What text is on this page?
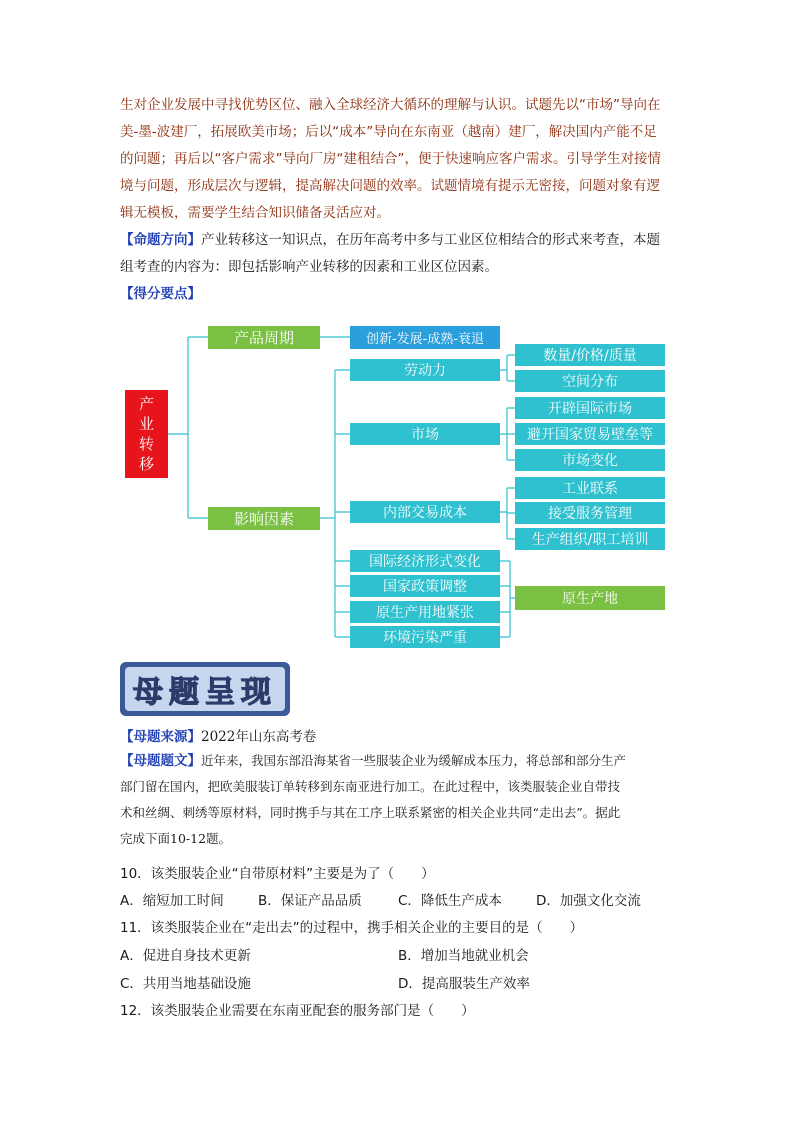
生对企业发展中寻找优势区位、融入全球经济大循环的理解与认识。试题先以“市场”导向在
美-墨-波建厂，拓展欧美市场；后以“成本”导向在东南亚（越南）建厂，解决国内产能不足
的问题；再后以“客户需求”导向厂房“建租结合”，便于快速响应客户需求。引导学生对接情
境与问题，形成层次与逻辑，提高解决问题的效率。试题情境有提示无密接，问题对象有逻
辑无模板，需要学生结合知识储备灵活应对。
【命题方向】产业转移这一知识点，在历年高考中多与工业区位相结合的形式来考查，本题
组考查的内容为：即包括影响产业转移的因素和工业区位因素。
【得分要点】
产业转移
产品周期	创新-发展-成熟-衰退
影响因素
劳动力
数量/价格/质量
空间分布
市场
开辟国际市场
避开国家贸易壁垒等
市场变化
内部交易成本
工业联系
接受服务管理
生产组织/职工培训
国际经济形式变化
国家政策调整
原生产用地紧张
环境污染严重
原生产地
母题呈现
【母题来源】2022年山东高考卷
【母题题文】近年来，我国东部沿海某省一些服装企业为缓解成本压力，将总部和部分生产
部门留在国内，把欧美服装订单转移到东南亚进行加工。在此过程中，该类服装企业自带技
术和丝绸、刺绣等原材料，同时携手与其在工序上联系紧密的相关企业共同“走出去”。据此
完成下面10-12题。
10．该类服装企业“自带原材料”主要是为了（　　）
A．缩短加工时间	B．保证产品品质	C．降低生产成本	D．加强文化交流
11．该类服装企业在“走出去”的过程中，携手相关企业的主要目的是（　　）
A．促进自身技术更新	B．增加当地就业机会
C．共用当地基础设施	D．提高服装生产效率
12．该类服装企业需要在东南亚配套的服务部门是（　　）
